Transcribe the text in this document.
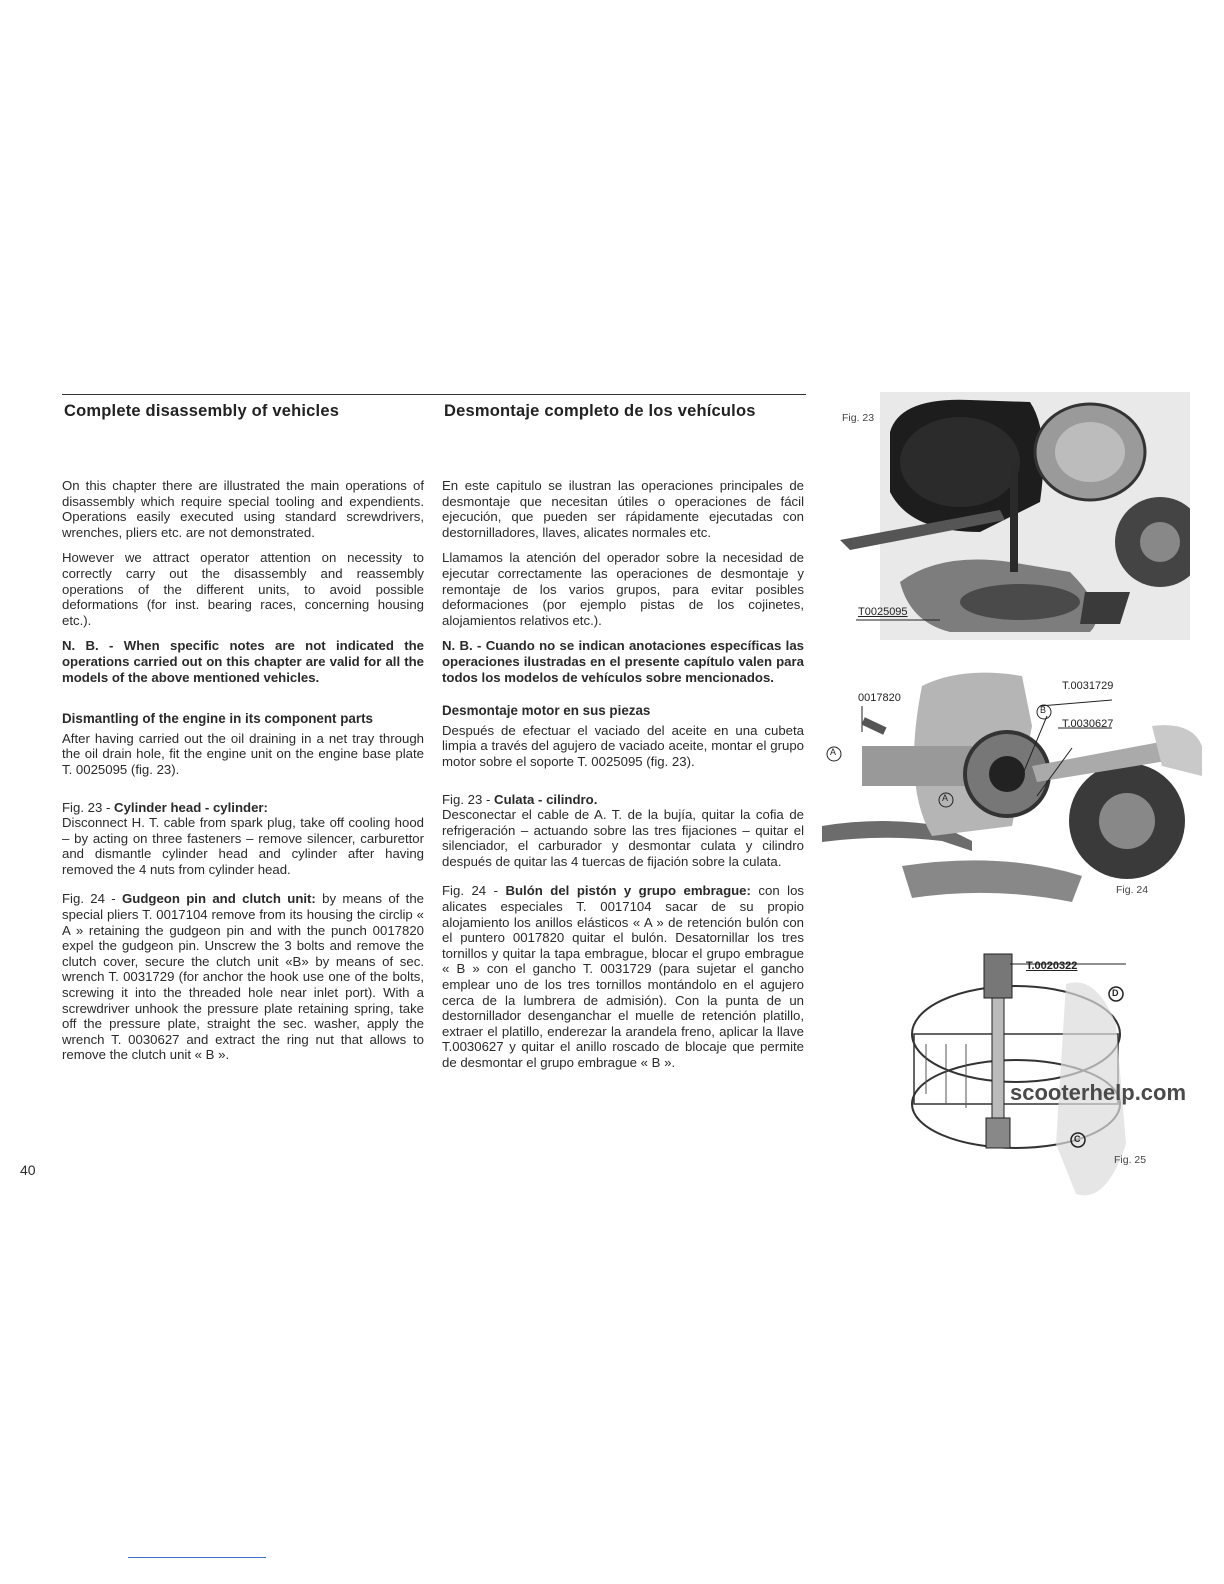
Complete disassembly of vehicles	Desmontaje completo de los vehículos

On this chapter there are illustrated the main operations of disassembly which require special tooling and expendients. Operations easily executed using standard screwdrivers, wrenches, pliers etc. are not demonstrated.

However we attract operator attention on necessity to correctly carry out the disassembly and reassembly operations of the different units, to avoid possible deformations (for inst. bearing races, concerning housing etc.).

N. B. - When specific notes are not indicated the operations carried out on this chapter are valid for all the models of the above mentioned vehicles.

Dismantling of the engine in its component parts

After having carried out the oil draining in a net tray through the oil drain hole, fit the engine unit on the engine base plate T. 0025095 (fig. 23).

Fig. 23 - Cylinder head - cylinder:
Disconnect H. T. cable from spark plug, take off cooling hood – by acting on three fasteners – remove silencer, carburettor and dismantle cylinder head and cylinder after having removed the 4 nuts from cylinder head.

Fig. 24 - Gudgeon pin and clutch unit: by means of the special pliers T. 0017104 remove from its housing the circlip « A » retaining the gudgeon pin and with the punch 0017820 expel the gudgeon pin. Unscrew the 3 bolts and remove the clutch cover, secure the clutch unit «B» by means of sec. wrench T. 0031729 (for anchor the hook use one of the bolts, screwing it into the threaded hole near inlet port). With a screwdriver unhook the pressure plate retaining spring, take off the pressure plate, straight the sec. washer, apply the wrench T. 0030627 and extract the ring nut that allows to remove the clutch unit « B ».

En este capitulo se ilustran las operaciones principales de desmontaje que necesitan útiles o operaciones de fácil ejecución, que pueden ser rápidamente ejecutadas con destornilladores, llaves, alicates normales etc.

Llamamos la atención del operador sobre la necesidad de ejecutar correctamente las operaciones de desmontaje y remontaje de los varios grupos, para evitar posibles deformaciones (por ejemplo pistas de los cojinetes, alojamientos relativos etc.).

N. B. - Cuando no se indican anotaciones específicas las operaciones ilustradas en el presente capítulo valen para todos los modelos de vehículos sobre mencionados.

Desmontaje motor en sus piezas

Después de efectuar el vaciado del aceite en una cubeta limpia a través del agujero de vaciado aceite, montar el grupo motor sobre el soporte T. 0025095 (fig. 23).

Fig. 23 - Culata - cilindro.
Desconectar el cable de A. T. de la bujía, quitar la cofia de refrigeración – actuando sobre las tres fijaciones – quitar el silenciador, el carburador y desmontar culata y cilindro después de quitar las 4 tuercas de fijación sobre la culata.

Fig. 24 - Bulón del pistón y grupo embrague: con los alicates especiales T. 0017104 sacar de su propio alojamiento los anillos elásticos « A » de retención bulón con el puntero 0017820 quitar el bulón. Desatornillar los tres tornillos y quitar la tapa embrague, blocar el grupo embrague « B » con el gancho T. 0031729 (para sujetar el gancho emplear uno de los tres tornillos montándolo en el agujero cerca de la lumbrera de admisión). Con la punta de un destornillador desenganchar el muelle de retención platillo, extraer el platillo, enderezar la arandela freno, aplicar la llave T.0030627 y quitar el anillo roscado de blocaje que permite de desmontar el grupo embrague « B ».

40
Fig. 23
T0025095
0017820
T.0031729
T.0030627
B
A
A
Fig. 24
T.0020322
D
C
Fig. 25
scooterhelp.com
